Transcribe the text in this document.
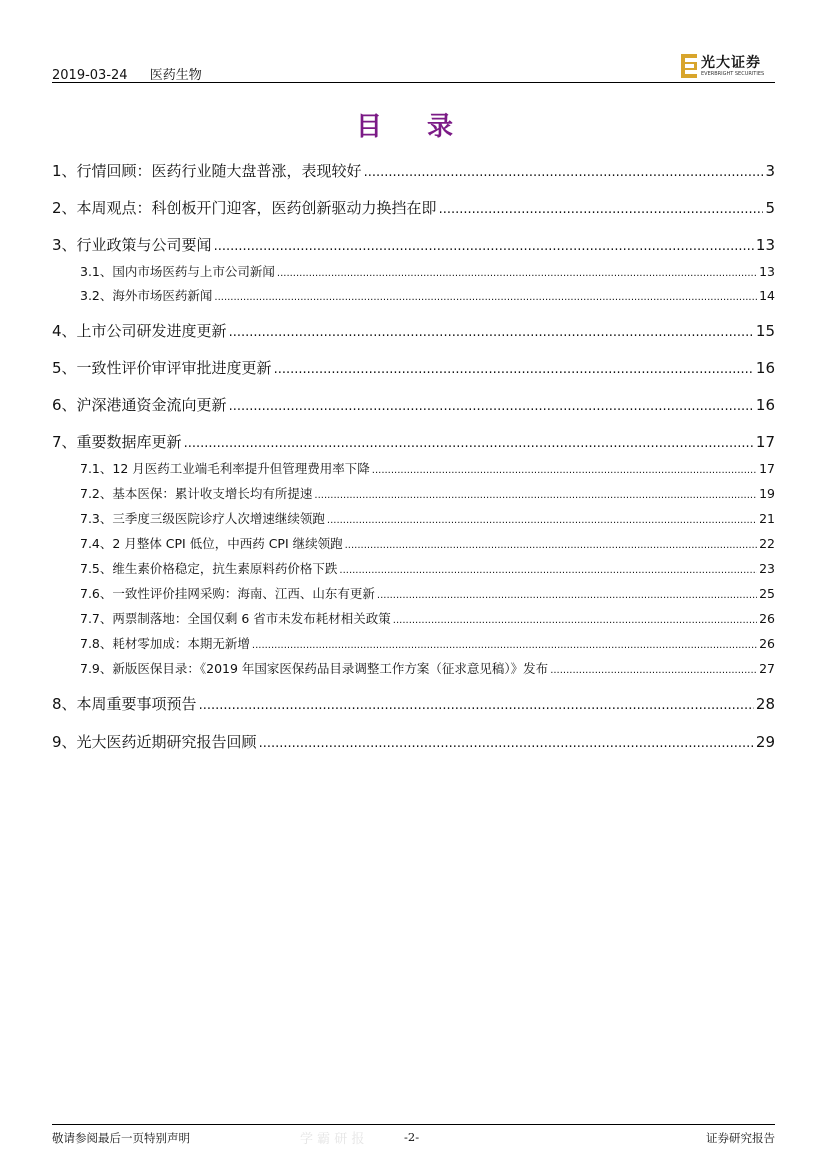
2019-03-24 医药生物
光大证券
EVERBRIGHT SECURITIES
目 录
1、 行情回顾：医药行业随大盘普涨，表现较好 .....	3
2、 本周观点：科创板开门迎客，医药创新驱动力换挡在即 .....	5
3、 行业政策与公司要闻 .....	13
3.1、 国内市场医药与上市公司新闻 .....	13
3.2、 海外市场医药新闻 .....	14
4、 上市公司研发进度更新 .....	15
5、 一致性评价审评审批进度更新 .....	16
6、 沪深港通资金流向更新 .....	16
7、 重要数据库更新 .....	17
7.1、 12 月医药工业端毛利率提升但管理费用率下降 .....	17
7.2、 基本医保：累计收支增长均有所提速 .....	19
7.3、 三季度三级医院诊疗人次增速继续领跑 .....	21
7.4、 2 月整体 CPI 低位，中西药 CPI 继续领跑 .....	22
7.5、 维生素价格稳定，抗生素原料药价格下跌 .....	23
7.6、 一致性评价挂网采购：海南、江西、山东有更新 .....	25
7.7、 两票制落地：全国仅剩 6 省市未发布耗材相关政策 .....	26
7.8、 耗材零加成：本期无新增 .....	26
7.9、 新版医保目录：《2019 年国家医保药品目录调整工作方案（征求意见稿）》发布 .....	27
8、 本周重要事项预告 .....	28
9、 光大医药近期研究报告回顾 .....	29
学 霸 研 报
敬请参阅最后一页特别声明	-2-	证券研究报告
